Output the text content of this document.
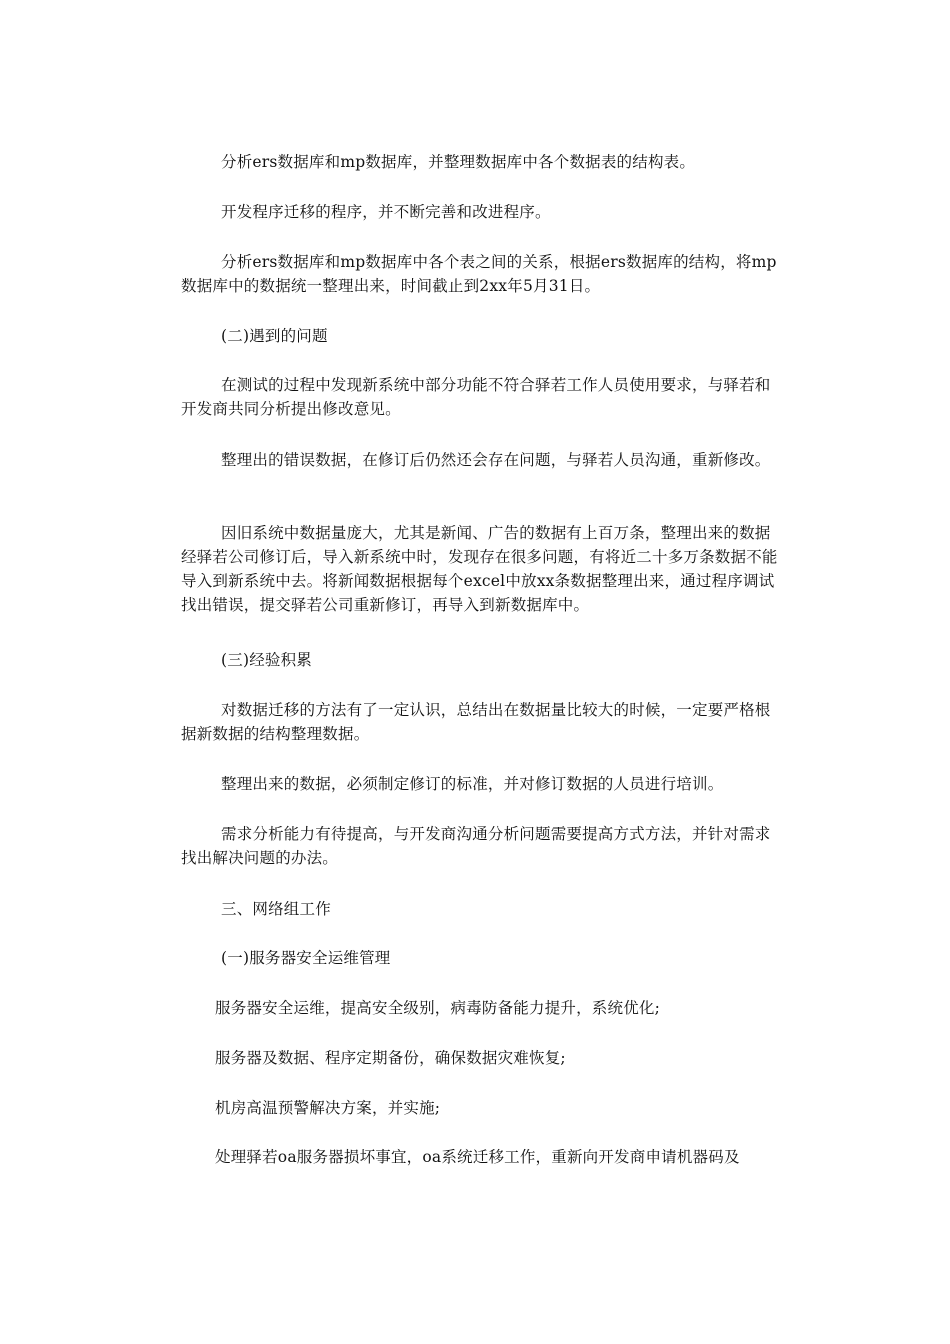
分析ers数据库和mp数据库，并整理数据库中各个数据表的结构表。

开发程序迁移的程序，并不断完善和改进程序。

分析ers数据库和mp数据库中各个表之间的关系，根据ers数据库的结构，将mp数据库中的数据统一整理出来，时间截止到2xx年5月31日。

(二)遇到的问题

在测试的过程中发现新系统中部分功能不符合驿若工作人员使用要求，与驿若和开发商共同分析提出修改意见。

整理出的错误数据，在修订后仍然还会存在问题，与驿若人员沟通，重新修改。

因旧系统中数据量庞大，尤其是新闻、广告的数据有上百万条，整理出来的数据经驿若公司修订后，导入新系统中时，发现存在很多问题，有将近二十多万条数据不能导入到新系统中去。将新闻数据根据每个excel中放xx条数据整理出来，通过程序调试找出错误，提交驿若公司重新修订，再导入到新数据库中。

(三)经验积累

对数据迁移的方法有了一定认识，总结出在数据量比较大的时候，一定要严格根据新数据的结构整理数据。

整理出来的数据，必须制定修订的标准，并对修订数据的人员进行培训。

需求分析能力有待提高，与开发商沟通分析问题需要提高方式方法，并针对需求找出解决问题的办法。

三、网络组工作

(一)服务器安全运维管理

服务器安全运维，提高安全级别，病毒防备能力提升，系统优化;

服务器及数据、程序定期备份，确保数据灾难恢复;

机房高温预警解决方案，并实施;

处理驿若oa服务器损坏事宜，oa系统迁移工作，重新向开发商申请机器码及
